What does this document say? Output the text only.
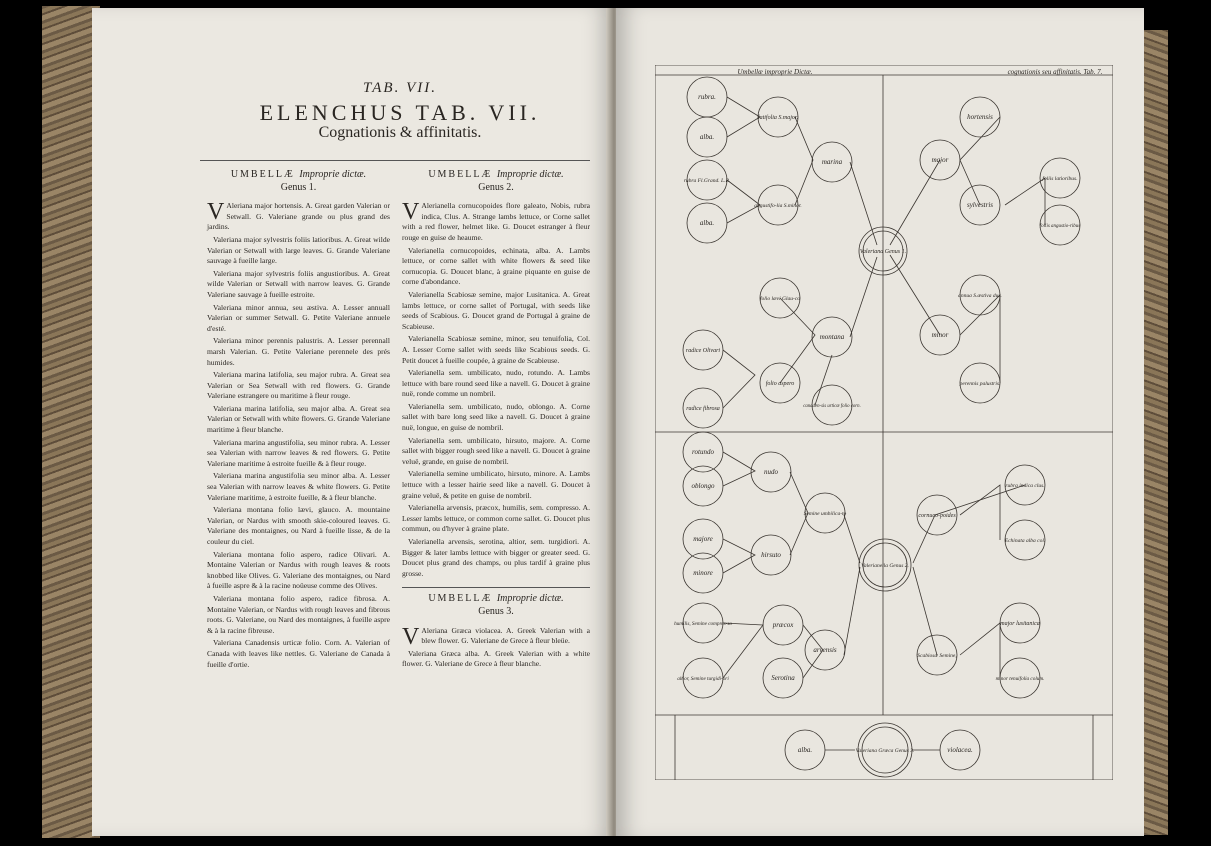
TAB. VII.
ELENCHUS TAB. VII.
Cognationis & affinitatis.
UMBELLÆ Improprie dictæ.
Genus 1.
V Aleriana major hortensis. A. Great garden Valerian or Setwall. G. Valeriane grande ou plus grand des jardins.

Valeriana major sylvestris foliis latioribus. A. Great wilde Valerian or Setwall with large leaves. G. Grande Valeriane sauvage à fueille large.

Valeriana major sylvestris foliis angustioribus. A. Great wilde Valerian or Setwall with narrow leaves. G. Grande Valeriane sauvage à fueille estroite.

Valeriana minor annua, seu æstiva. A. Lesser annuall Valerian or summer Setwall. G. Petite Valeriane annuele d'esté.

Valeriana minor perennis palustris. A. Lesser perennall marsh Valerian. G. Petite Valeriane perennele des prés humides.

Valeriana marina latifolia, seu major rubra. A. Great sea Valerian or Sea Setwall with red flowers. G. Grande Valeriane estrangere ou maritime à fleur rouge.

Valeriana marina latifolia, seu major alba. A. Great sea Valerian or Setwall with white flowers. G. Grande Valeriane maritime à fleur blanche.

Valeriana marina angustifolia, seu minor rubra. A. Lesser sea Valerian with narrow leaves & red flowers. G. Petite Valeriane maritime à estroite fueille & à fleur rouge.

Valeriana marina angustifolia seu minor alba. A. Lesser sea Valerian with narrow leaves & white flowers. G. Petite Valeriane maritime, à estroite fueille, & à fleur blanche.

Valeriana montana folio lævi, glauco. A. mountaine Valerian, or Nardus with smooth skie-coloured leaves. G. Valeriane des montaignes, ou Nard à fueille lisse, & de la couleur du ciel.

Valeriana montana folio aspero, radice Olivari. A. Montaine Valerian or Nardus with rough leaves & roots knobbed like Olives. G. Valeriane des montaignes, ou Nard à fueille aspre & à la racine noüeuse comme des Olives.

Valeriana montana folio aspero, radice fibrosa. A. Montaine Valerian, or Nardus with rough leaves and fibrous roots. G. Valeriane, ou Nard des montaignes, à fueille aspre & à la racine fibreuse.

Valeriana Canadensis urticæ folio. Corn. A. Valerian of Canada with leaves like nettles. G. Valeriane de Canada à fueille d'ortie.

UMBELLÆ Improprie dictæ.
Genus 2.
V Alerianella cornucopoides flore galeato, Nobis, rubra indica, Clus. A. Strange lambs lettuce, or Corne sallet with a red flower, helmet like. G. Doucet estranger à fleur rouge en guise de heaume.

Valerianella cornucopoides, echinata, alba. A. Lambs lettuce, or corne sallet with white flowers & seed like cornucopia. G. Doucet blanc, à graine piquante en guise de corne d'abondance.

Valerianella Scabiosæ semine, major Lusitanica. A. Great lambs lettuce, or corne sallet of Portugal, with seeds like seeds of Scabious. G. Doucet grand de Portugal à graine de Scabieuse.

Valerianella Scabiosæ semine, minor, seu tenuifolia, Col. A. Lesser Corne sallet with seeds like Scabious seeds. G. Petit doucet à fueille coupée, à graine de Scabieuse.

Valerianella sem. umbilicato, nudo, rotundo. A. Lambs lettuce with bare round seed like a navell. G. Doucet à graine nuë, ronde comme un nombril.

Valerianella sem. umbilicato, nudo, oblongo. A. Corne sallet with bare long seed like a navell. G. Doucet à graine nuë, longue, en guise de nombril.

Valerianella sem. umbilicato, hirsuto, majore. A. Corne sallet with bigger rough seed like a navell. G. Doucet à graine veluë, grande, en guise de nombril.

Valerianella semine umbilicato, hirsuto, minore. A. Lambs lettuce with a lesser hairie seed like a navell. G. Doucet à graine veluë, & petite en guise de nombril.

Valerianella arvensis, præcox, humilis, sem. compresso. A. Lesser lambs lettuce, or common corne sallet. G. Doucet plus commun, ou d'hyver à graine plate.

Valerianella arvensis, serotina, altior, sem. turgidiori. A. Bigger & later lambs lettuce with bigger or greater seed. G. Doucet plus grand des champs, ou plus tardif à graine plus grosse.

UMBELLÆ Improprie dictæ.
Genus 3.
V Aleriana Græca violacea. A. Greek Valerian with a blew flower. G. Valeriane de Grece à fleur bleüe.

Valeriana Græca alba. A. Greek Valerian with a white flower. G. Valeriane de Grece à fleur blanche.

Umbellæ improprie Dictæ.	cognationis seu affinitatis. Tab. 7.
rubra.
alba.
rubra Fl.Grand. L.B.
alba.
latifolia S.major.
angustifo-lia S.minor.
marina
Valeriana Genus 1.
hortensis
major
sylvestris
foliis latioribus.
foliis angustio-ribus
annua S.æstiva dus.
minor
perennis palustris.
folio lævi Glau-co
montana
radice Olivari
folio aspero
radice fibrosa	canaden-sis urticæ folio corn.
rotundo
oblongo
nudo
majore
minore
hirsuto
Semine umbilica-to
humilis, Semine compres-so	præcox
altior, Semine turgidi-ori	Serotina
arvensis
Valerianella Genus 2.
cornuco-poides
rubra indica clus.
Echinata alba col.
major lusitanica
Scabiosæ Semine,
minor tenuifolia colum.
alba.	Valeriana Græca Genus 3.	violacea.
